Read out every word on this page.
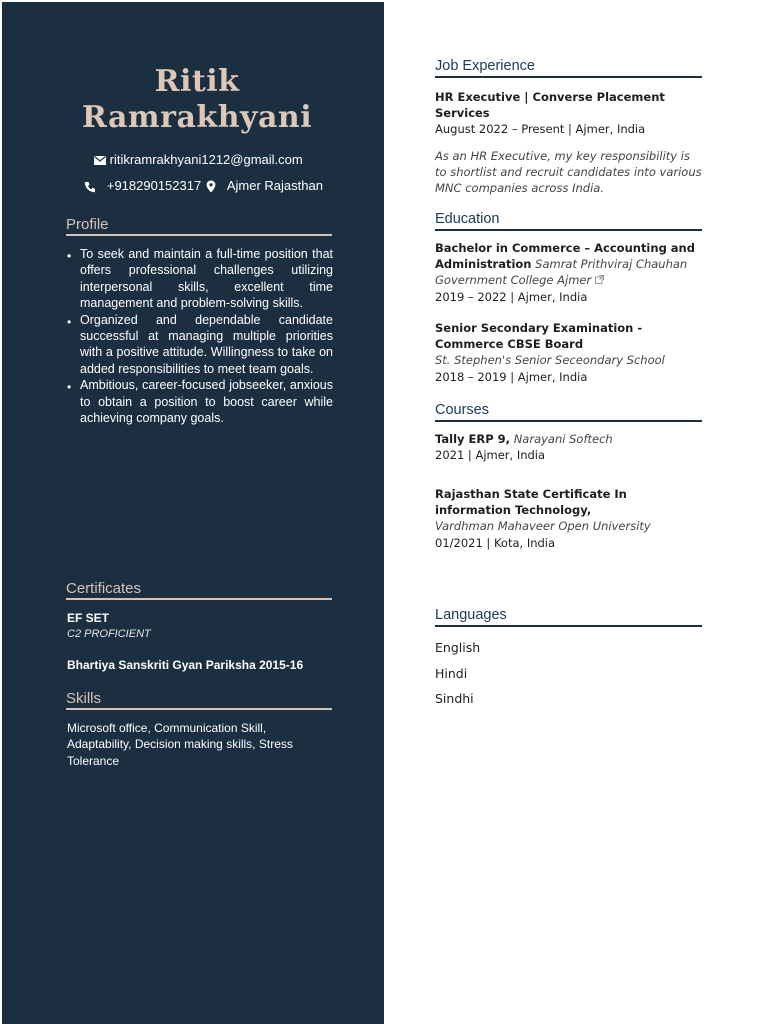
Ritik
Ramrakhyani
ritikramrakhyani1212@gmail.com
+918290152317	Ajmer Rajasthan
Profile
• To seek and maintain a full-time position that offers professional challenges utilizing interpersonal skills, excellent time management and problem-solving skills.
• Organized and dependable candidate successful at managing multiple priorities with a positive attitude. Willingness to take on added responsibilities to meet team goals.
• Ambitious, career-focused jobseeker, anxious to obtain a position to boost career while achieving company goals.
Certificates
EF SET
C2 PROFICIENT
Bhartiya Sanskriti Gyan Pariksha 2015-16
Skills
Microsoft office, Communication Skill, Adaptability, Decision making skills, Stress Tolerance
Job Experience
HR Executive | Converse Placement Services
August 2022 – Present | Ajmer, India
As an HR Executive, my key responsibility is to shortlist and recruit candidates into various MNC companies across India.
Education
Bachelor in Commerce – Accounting and Administration Samrat Prithviraj Chauhan Government College Ajmer
2019 – 2022 | Ajmer, India
Senior Secondary Examination - Commerce CBSE Board
St. Stephen's Senior Seceondary School
2018 – 2019 | Ajmer, India
Courses
Tally ERP 9, Narayani Softech
2021 | Ajmer, India
Rajasthan State Certificate In information Technology,
Vardhman Mahaveer Open University
01/2021 | Kota, India
Languages
English
Hindi
Sindhi
